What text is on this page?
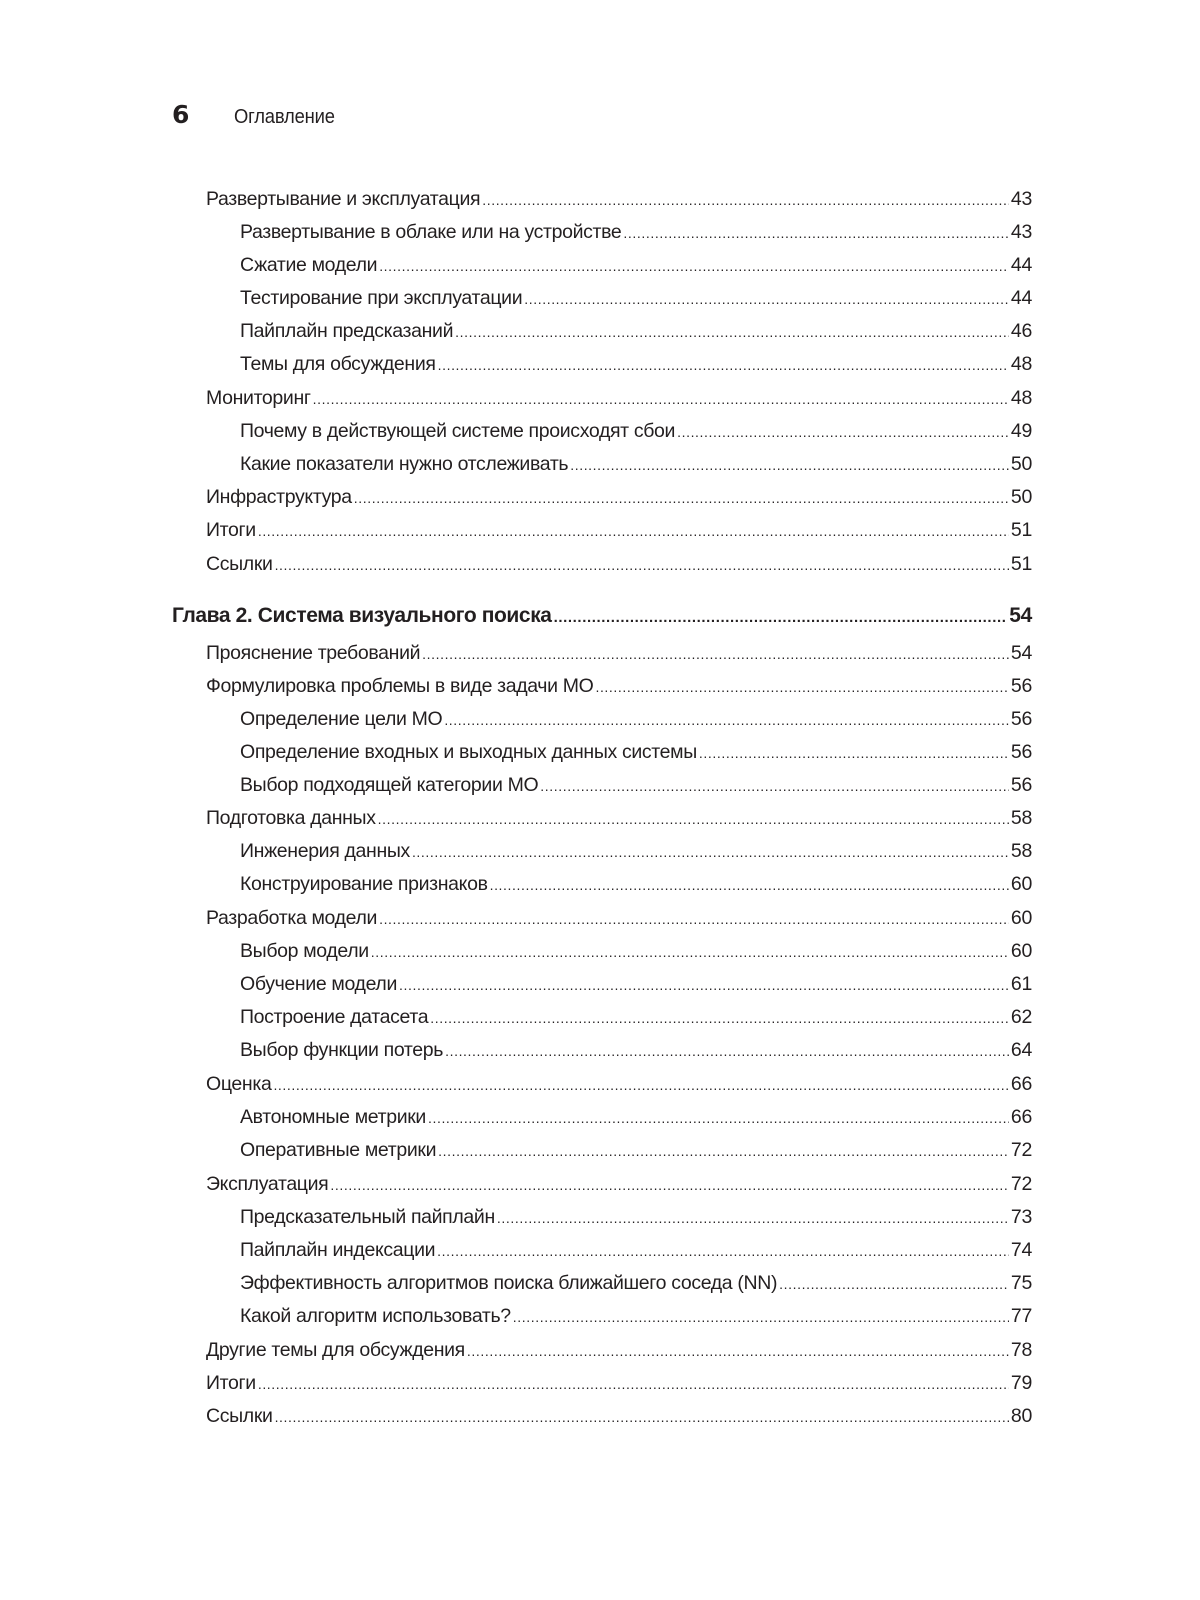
6	Оглавление
Развертывание и эксплуатация .....	43
Развертывание в облаке или на устройстве .....	43
Сжатие модели .....	44
Тестирование при эксплуатации .....	44
Пайплайн предсказаний .....	46
Темы для обсуждения .....	48
Мониторинг .....	48
Почему в действующей системе происходят сбои .....	49
Какие показатели нужно отслеживать .....	50
Инфраструктура .....	50
Итоги .....	51
Ссылки .....	51
Глава 2. Система визуального поиска .....	54
Прояснение требований .....	54
Формулировка проблемы в виде задачи МО .....	56
Определение цели МО .....	56
Определение входных и выходных данных системы .....	56
Выбор подходящей категории МО .....	56
Подготовка данных .....	58
Инженерия данных .....	58
Конструирование признаков .....	60
Разработка модели .....	60
Выбор модели .....	60
Обучение модели .....	61
Построение датасета .....	62
Выбор функции потерь .....	64
Оценка .....	66
Автономные метрики .....	66
Оперативные метрики .....	72
Эксплуатация .....	72
Предсказательный пайплайн .....	73
Пайплайн индексации .....	74
Эффективность алгоритмов поиска ближайшего соседа (NN) .....	75
Какой алгоритм использовать? .....	77
Другие темы для обсуждения .....	78
Итоги .....	79
Ссылки .....	80
